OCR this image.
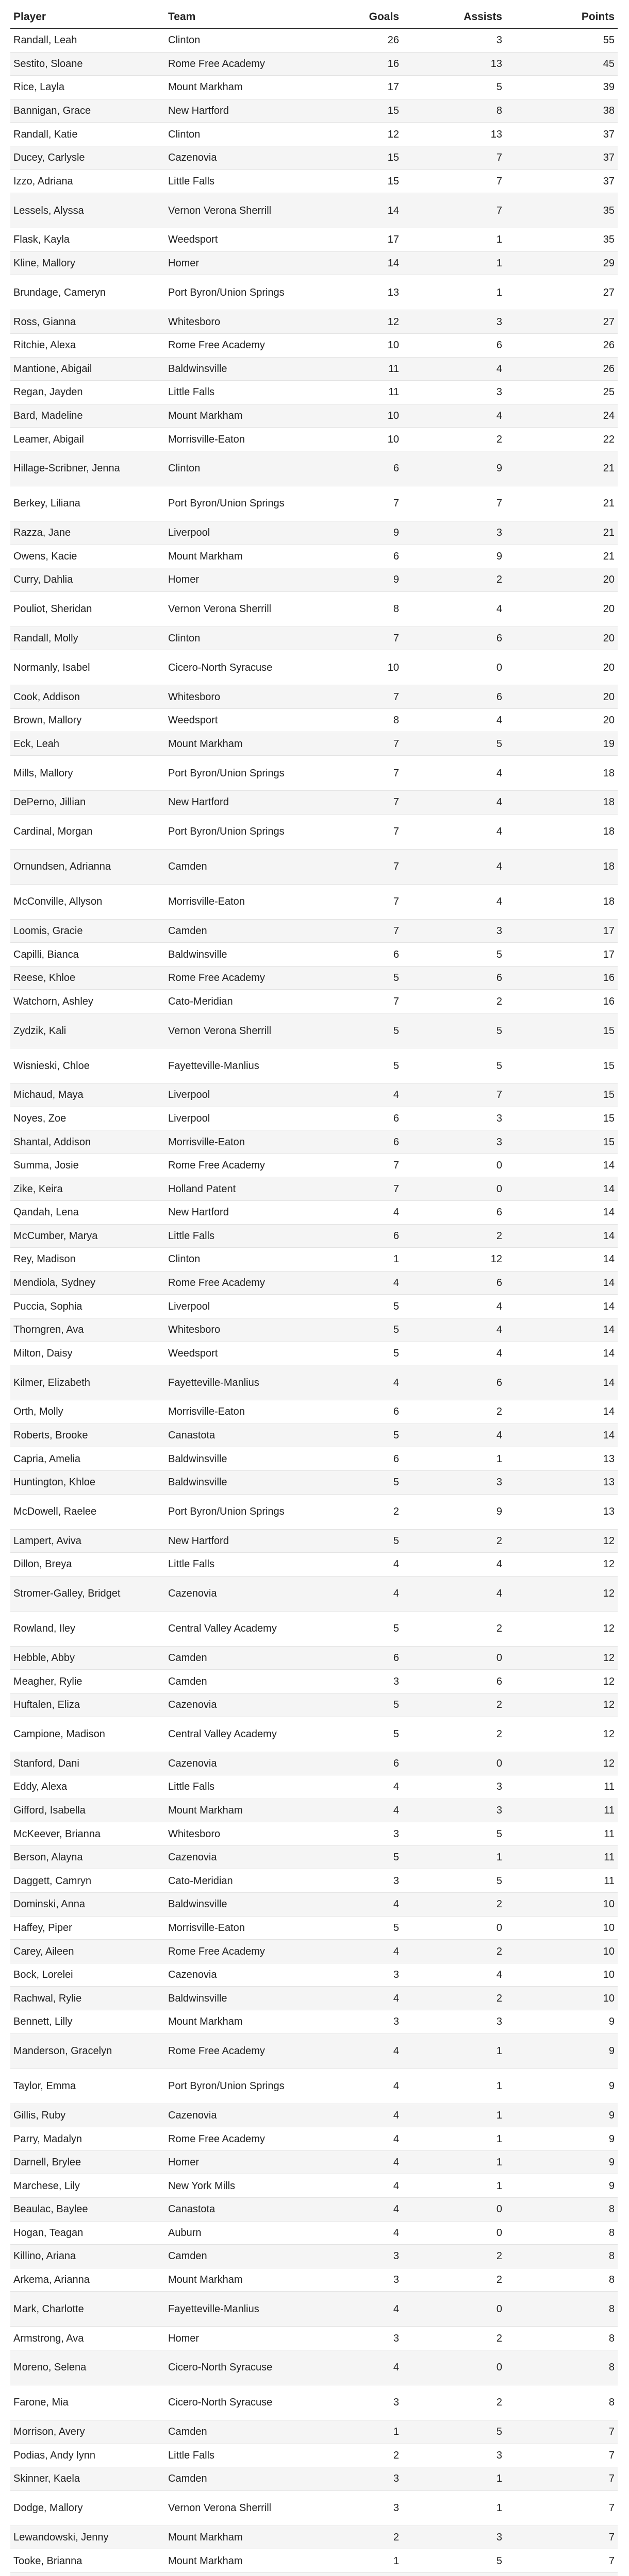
Player	Team	Goals	Assists	Points
Randall, Leah	Clinton	26	3	55
Sestito, Sloane	Rome Free Academy	16	13	45
Rice, Layla	Mount Markham	17	5	39
Bannigan, Grace	New Hartford	15	8	38
Randall, Katie	Clinton	12	13	37
Ducey, Carlysle	Cazenovia	15	7	37
Izzo, Adriana	Little Falls	15	7	37
Lessels, Alyssa	Vernon Verona Sherrill	14	7	35
Flask, Kayla	Weedsport	17	1	35
Kline, Mallory	Homer	14	1	29
Brundage, Cameryn	Port Byron/Union Springs	13	1	27
Ross, Gianna	Whitesboro	12	3	27
Ritchie, Alexa	Rome Free Academy	10	6	26
Mantione, Abigail	Baldwinsville	11	4	26
Regan, Jayden	Little Falls	11	3	25
Bard, Madeline	Mount Markham	10	4	24
Leamer, Abigail	Morrisville-Eaton	10	2	22
Hillage-Scribner, Jenna	Clinton	6	9	21
Berkey, Liliana	Port Byron/Union Springs	7	7	21
Razza, Jane	Liverpool	9	3	21
Owens, Kacie	Mount Markham	6	9	21
Curry, Dahlia	Homer	9	2	20
Pouliot, Sheridan	Vernon Verona Sherrill	8	4	20
Randall, Molly	Clinton	7	6	20
Normanly, Isabel	Cicero-North Syracuse	10	0	20
Cook, Addison	Whitesboro	7	6	20
Brown, Mallory	Weedsport	8	4	20
Eck, Leah	Mount Markham	7	5	19
Mills, Mallory	Port Byron/Union Springs	7	4	18
DePerno, Jillian	New Hartford	7	4	18
Cardinal, Morgan	Port Byron/Union Springs	7	4	18
Ornundsen, Adrianna	Camden	7	4	18
McConville, Allyson	Morrisville-Eaton	7	4	18
Loomis, Gracie	Camden	7	3	17
Capilli, Bianca	Baldwinsville	6	5	17
Reese, Khloe	Rome Free Academy	5	6	16
Watchorn, Ashley	Cato-Meridian	7	2	16
Zydzik, Kali	Vernon Verona Sherrill	5	5	15
Wisnieski, Chloe	Fayetteville-Manlius	5	5	15
Michaud, Maya	Liverpool	4	7	15
Noyes, Zoe	Liverpool	6	3	15
Shantal, Addison	Morrisville-Eaton	6	3	15
Summa, Josie	Rome Free Academy	7	0	14
Zike, Keira	Holland Patent	7	0	14
Qandah, Lena	New Hartford	4	6	14
McCumber, Marya	Little Falls	6	2	14
Rey, Madison	Clinton	1	12	14
Mendiola, Sydney	Rome Free Academy	4	6	14
Puccia, Sophia	Liverpool	5	4	14
Thorngren, Ava	Whitesboro	5	4	14
Milton, Daisy	Weedsport	5	4	14
Kilmer, Elizabeth	Fayetteville-Manlius	4	6	14
Orth, Molly	Morrisville-Eaton	6	2	14
Roberts, Brooke	Canastota	5	4	14
Capria, Amelia	Baldwinsville	6	1	13
Huntington, Khloe	Baldwinsville	5	3	13
McDowell, Raelee	Port Byron/Union Springs	2	9	13
Lampert, Aviva	New Hartford	5	2	12
Dillon, Breya	Little Falls	4	4	12
Stromer-Galley, Bridget	Cazenovia	4	4	12
Rowland, Iley	Central Valley Academy	5	2	12
Hebble, Abby	Camden	6	0	12
Meagher, Rylie	Camden	3	6	12
Huftalen, Eliza	Cazenovia	5	2	12
Campione, Madison	Central Valley Academy	5	2	12
Stanford, Dani	Cazenovia	6	0	12
Eddy, Alexa	Little Falls	4	3	11
Gifford, Isabella	Mount Markham	4	3	11
McKeever, Brianna	Whitesboro	3	5	11
Berson, Alayna	Cazenovia	5	1	11
Daggett, Camryn	Cato-Meridian	3	5	11
Dominski, Anna	Baldwinsville	4	2	10
Haffey, Piper	Morrisville-Eaton	5	0	10
Carey, Aileen	Rome Free Academy	4	2	10
Bock, Lorelei	Cazenovia	3	4	10
Rachwal, Rylie	Baldwinsville	4	2	10
Bennett, Lilly	Mount Markham	3	3	9
Manderson, Gracelyn	Rome Free Academy	4	1	9
Taylor, Emma	Port Byron/Union Springs	4	1	9
Gillis, Ruby	Cazenovia	4	1	9
Parry, Madalyn	Rome Free Academy	4	1	9
Darnell, Brylee	Homer	4	1	9
Marchese, Lily	New York Mills	4	1	9
Beaulac, Baylee	Canastota	4	0	8
Hogan, Teagan	Auburn	4	0	8
Killino, Ariana	Camden	3	2	8
Arkema, Arianna	Mount Markham	3	2	8
Mark, Charlotte	Fayetteville-Manlius	4	0	8
Armstrong, Ava	Homer	3	2	8
Moreno, Selena	Cicero-North Syracuse	4	0	8
Farone, Mia	Cicero-North Syracuse	3	2	8
Morrison, Avery	Camden	1	5	7
Podias, Andy lynn	Little Falls	2	3	7
Skinner, Kaela	Camden	3	1	7
Dodge, Mallory	Vernon Verona Sherrill	3	1	7
Lewandowski, Jenny	Mount Markham	2	3	7
Tooke, Brianna	Mount Markham	1	5	7
